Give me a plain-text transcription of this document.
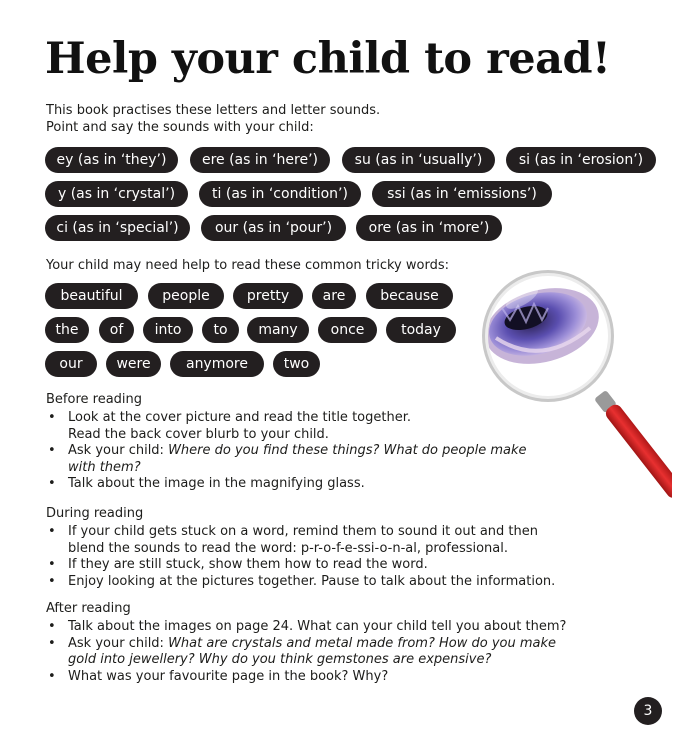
Help your child to read!
This book practises these letters and letter sounds.
Point and say the sounds with your child:
ey (as in ‘they’)	ere (as in ‘here’)	su (as in ‘usually’)	si (as in ‘erosion’)
y (as in ‘crystal’)	ti (as in ‘condition’)	ssi (as in ‘emissions’)
ci (as in ‘special’)	our (as in ‘pour’)	ore (as in ‘more’)
Your child may need help to read these common tricky words:
beautiful	people	pretty	are	because
the	of	into	to	many	once	today
our	were	anymore	two
Before reading
• Look at the cover picture and read the title together.
Read the back cover blurb to your child.
• Ask your child: Where do you find these things? What do people make
with them?
• Talk about the image in the magnifying glass.
During reading
• If your child gets stuck on a word, remind them to sound it out and then
blend the sounds to read the word: p-r-o-f-e-ssi-o-n-al, professional.
• If they are still stuck, show them how to read the word.
• Enjoy looking at the pictures together. Pause to talk about the information.
After reading
• Talk about the images on page 24. What can your child tell you about them?
• Ask your child: What are crystals and metal made from? How do you make
gold into jewellery? Why do you think gemstones are expensive?
• What was your favourite page in the book? Why?
3
